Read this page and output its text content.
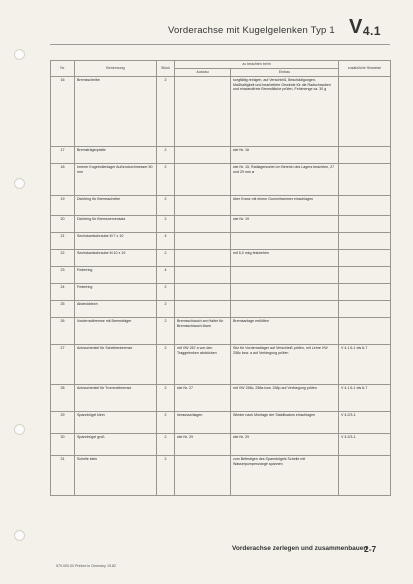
Vorderachse mit Kugelgelenken Typ 1 $V_{4.1}$
Nr.	Benennung	Stück	zu beachten beim		zusätzliche Hinweise
			Ausbau	Einbau	
16	Bremsscheibe	2		sorgfältig reinigen, auf Verschleiß, Beschädigungen, Maßhaltigkeit und bearbeitete Gewinde für die Radschrauben und einwandfreie Bremsfläche prüfen, Fehlmenge ca. 30 g	
17	Bremsträgerplatte	2		wie Nr. 16	
18	Innerer Kugelrollenlager Außendurchmesser 50 mm	2		wie Nr. 15, Radlagersorten im Bereich des Lagers beachten, 27 und 29 mm ø	
19	Dichtring für Bremsscheibe	2		über Kranz mit einem Gummihammer einschlagen	
20	Dichtring für Bremsnervensatz	2		wie Nr. 19	
21	Sechskantschraube M 7 x 10	4			
22	Sechskantschraube M 10 x 19	2		mit 5,0 mkg festziehen	
23	Federring	4			
24	Federring	2			
25	Abdeckblech	2			
26	Vorderradbremse mit Bremsträger	2	Bremsschlauch am Halter für Bremsschlauch lösen	Bremsanlage entlüften	
27	Achsschenkel für Scheibenbremse	2	mit VW 267 a von den Traggelenken abdrücken	Sitz für Vorderradlager auf Verschleiß prüfen, mit Lehre VW 258c bzw. a auf Verbiegung prüfen	V 4.1.6-1 bis 6-7
28	Achsschenkel für Trommelbremse	2	wie Nr. 27	mit VW 258c, 258a bzw. 258p auf Verbiegung prüfen	V 4.1.6-1 bis 6-7
29	Spannbügel klein	2	herausschlagen	Wieder nach Montage der Stabilisators einschlagen	V 4.2/3-1
30	Spannbügel groß	2	wie Nr. 29	wie Nr. 29	V 4.2/3-1
31	Schelle klein	2		zum Befestigen des Spannbügels Schelle mit Wasserpumpenzange spannen	
Vorderachse zerlegen und zusammenbauen
2-7
579.000.00 Printed in Germany 15.82
